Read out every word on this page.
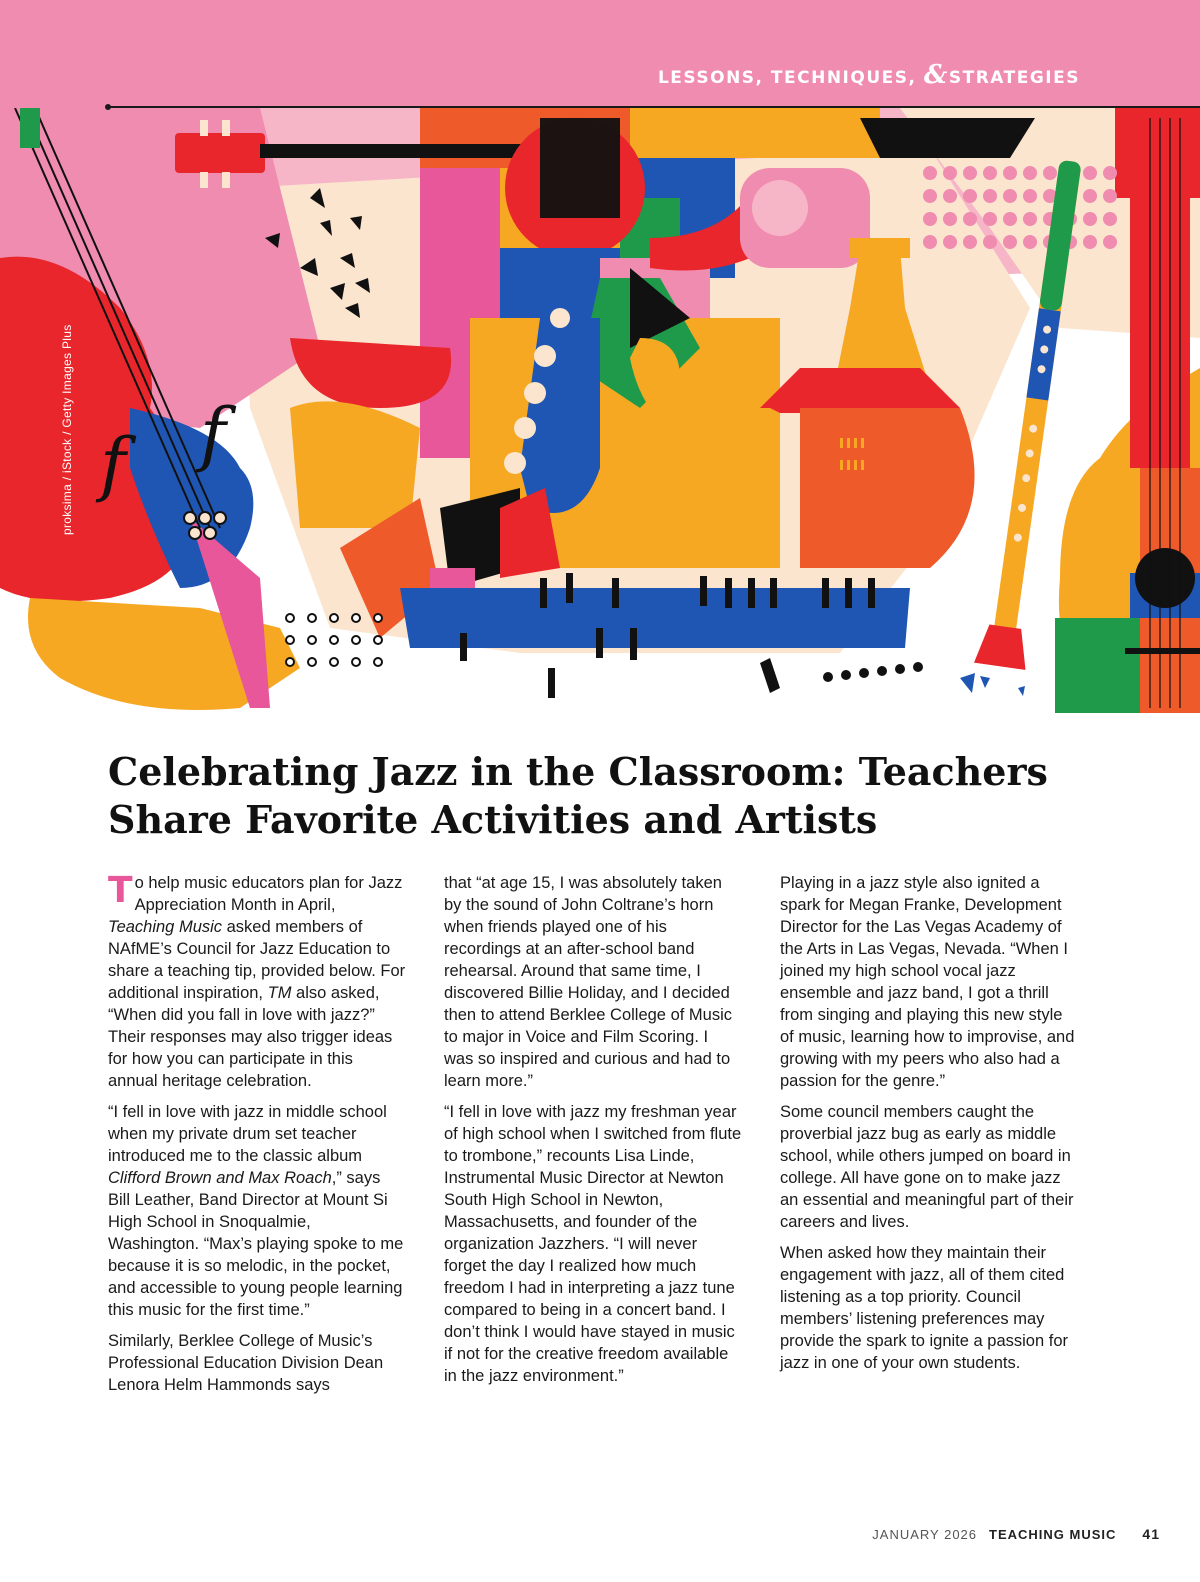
LESSONS, TECHNIQUES, &STRATEGIES
f f
proksima / iStock / Getty Images Plus
Celebrating Jazz in the Classroom: Teachers
Share Favorite Activities and Artists

To help music educators plan for Jazz Appreciation Month in April, Teaching Music asked members of NAfME’s Council for Jazz Education to share a teaching tip, provided below. For additional inspiration, TM also asked, “When did you fall in love with jazz?” Their responses may also trigger ideas for how you can participate in this annual heritage celebration.

“I fell in love with jazz in middle school when my private drum set teacher introduced me to the classic album Clifford Brown and Max Roach,” says Bill Leather, Band Director at Mount Si High School in Snoqualmie, Washington. “Max’s playing spoke to me because it is so melodic, in the pocket, and accessible to young people learning this music for the first time.”

Similarly, Berklee College of Music’s Professional Education Division Dean Lenora Helm Hammonds says

that “at age 15, I was absolutely taken by the sound of John Coltrane’s horn when friends played one of his recordings at an after-school band rehearsal. Around that same time, I discovered Billie Holiday, and I decided then to attend Berklee College of Music to major in Voice and Film Scoring. I was so inspired and curious and had to learn more.”

“I fell in love with jazz my freshman year of high school when I switched from flute to trombone,” recounts Lisa Linde, Instrumental Music Director at Newton South High School in Newton, Massachusetts, and founder of the organization Jazzhers. “I will never forget the day I realized how much freedom I had in interpreting a jazz tune compared to being in a concert band. I don’t think I would have stayed in music if not for the creative freedom available in the jazz environment.”

Playing in a jazz style also ignited a spark for Megan Franke, Development Director for the Las Vegas Academy of the Arts in Las Vegas, Nevada. “When I joined my high school vocal jazz ensemble and jazz band, I got a thrill from singing and playing this new style of music, learning how to improvise, and growing with my peers who also had a passion for the genre.”

Some council members caught the proverbial jazz bug as early as middle school, while others jumped on board in college. All have gone on to make jazz an essential and meaningful part of their careers and lives.

When asked how they maintain their engagement with jazz, all of them cited listening as a top priority. Council members’ listening preferences may provide the spark to ignite a passion for jazz in one of your own students.

JANUARY 2026 TEACHING MUSIC 41
